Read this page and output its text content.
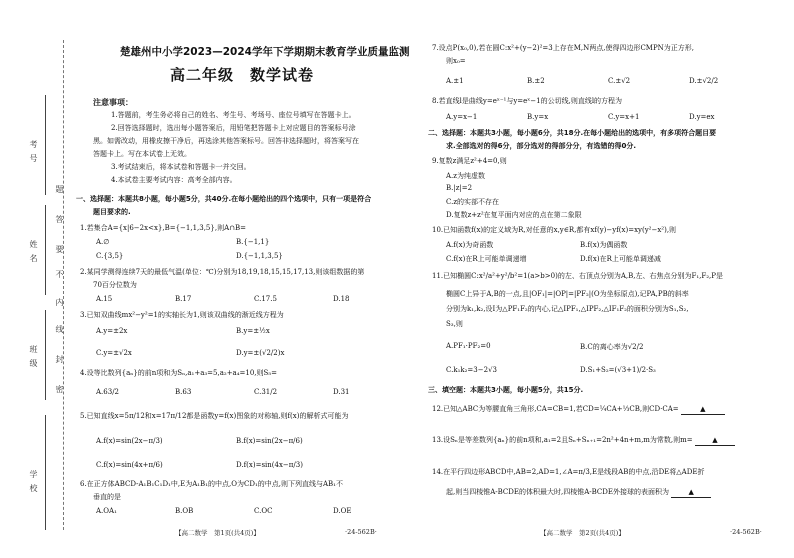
考号
姓名
班级
学校
题
答
要
不
内
线
封
密
楚雄州中小学2023—2024学年下学期期末教育学业质量监测
高二年级　数学试卷
注意事项：
1.答题前，考生务必将自己的姓名、考生号、考场号、座位号填写在答题卡上。
2.回答选择题时，选出每小题答案后，用铅笔把答题卡上对应题目的答案标号涂
黑。如需改动，用橡皮擦干净后，再选涂其他答案标号。回答非选择题时，将答案写在
答题卡上。写在本试卷上无效。
3.考试结束后，将本试卷和答题卡一并交回。
4.本试卷主要考试内容：高考全部内容。
一、选择题：本题共8小题，每小题5分，共40分.在每小题给出的四个选项中，只有一项是符合
题目要求的.
1.若集合A={x|6−2x<x},B={−1,1,3,5},则A∩B=
A.∅	B.{−1,1}
C.{3,5}	D.{−1,1,3,5}
2.某同学测得连续7天的最低气温(单位：℃)分别为18,19,18,15,15,17,13,则该组数据的第
70百分位数为
A.15	B.17	C.17.5	D.18
3.已知双曲线mx²−y²=1的实轴长为1,则该双曲线的渐近线方程为
A.y=±2x	B.y=±½x
C.y=±√2x	D.y=±(√2/2)x
4.设等比数列{aₙ}的前n项和为Sₙ,a₁+a₃=5,a₂+a₄=10,则S₅=
A.63/2	B.63	C.31/2	D.31
5.已知直线x=5π/12和x=17π/12都是函数y=f(x)图象的对称轴,则f(x)的解析式可能为
A.f(x)=sin(2x−π/3)	B.f(x)=sin(2x−π/6)
C.f(x)=sin(4x+π/6)	D.f(x)=sin(4x−π/3)
6.在正方体ABCD-A₁B₁C₁D₁中,E为A₁B₁的中点,O为CD₁的中点,则下列直线与AB₁不
垂直的是
A.OA₁	B.OB	C.OC	D.OE
【高二数学　第1页(共4页)】	·24-562B·
7.设点P(x₀,0),若在圆C:x²+(y−2)²=3上存在M,N两点,使得四边形CMPN为正方形,
则x₀=
A.±1	B.±2	C.±√2	D.±√2/2
8.若直线l是曲线y=eˣ⁻¹与y=eˣ−1的公切线,则直线l的方程为
A.y=x−1	B.y=x	C.y=x+1	D.y=ex
二、选择题：本题共3小题，每小题6分，共18分.在每小题给出的选项中，有多项符合题目要
求.全部选对的得6分，部分选对的得部分分，有选错的得0分.
9.复数z满足z²+4=0,则
A.z为纯虚数
B.|z|=2
C.z的实部不存在
D.复数z+z²在复平面内对应的点在第二象限
10.已知函数f(x)的定义域为R,对任意的x,y∈R,都有xf(y)−yf(x)=xy(y²−x²),则
A.f(x)为奇函数	B.f(x)为偶函数
C.f(x)在R上可能单调递增	D.f(x)在R上可能单调递减
11.已知椭圆C:x²/a²+y²/b²=1(a>b>0)的左、右顶点分别为A,B,左、右焦点分别为F₁,F₂,P是
椭圆C上异于A,B的一点,且|OF₁|=|OP|=|PF₂|(O为坐标原点),记PA,PB的斜率
分别为k₁,k₂,设I为△PF₁F₂的内心,记△IPF₁,△IPF₂,△IF₁F₂的面积分别为S₁,S₂,
S₃,则
A.PF₁·PF₂=0	B.C的离心率为√2/2
C.k₁k₂=3−2√3	D.S₁+S₂=(√3+1)/2·S₃
三、填空题：本题共3小题，每小题5分，共15分.
12.已知△ABC为等腰直角三角形,CA=CB=1,若CD=¼CA+⅓CB,则CD·CA=	▲
13.设Sₙ是等差数列{aₙ}的前n项和,a₁=2且Sₙ+Sₙ₊₁=2n²+4n+m,m为常数,则m=	▲
14.在平行四边形ABCD中,AB=2,AD=1,∠A=π/3,E是线段AB的中点,沿DE将△ADE折
起,则当四棱锥A-BCDE的体积最大时,四棱锥A-BCDE外接球的表面积为	▲
【高二数学　第2页(共4页)】	·24-562B·
